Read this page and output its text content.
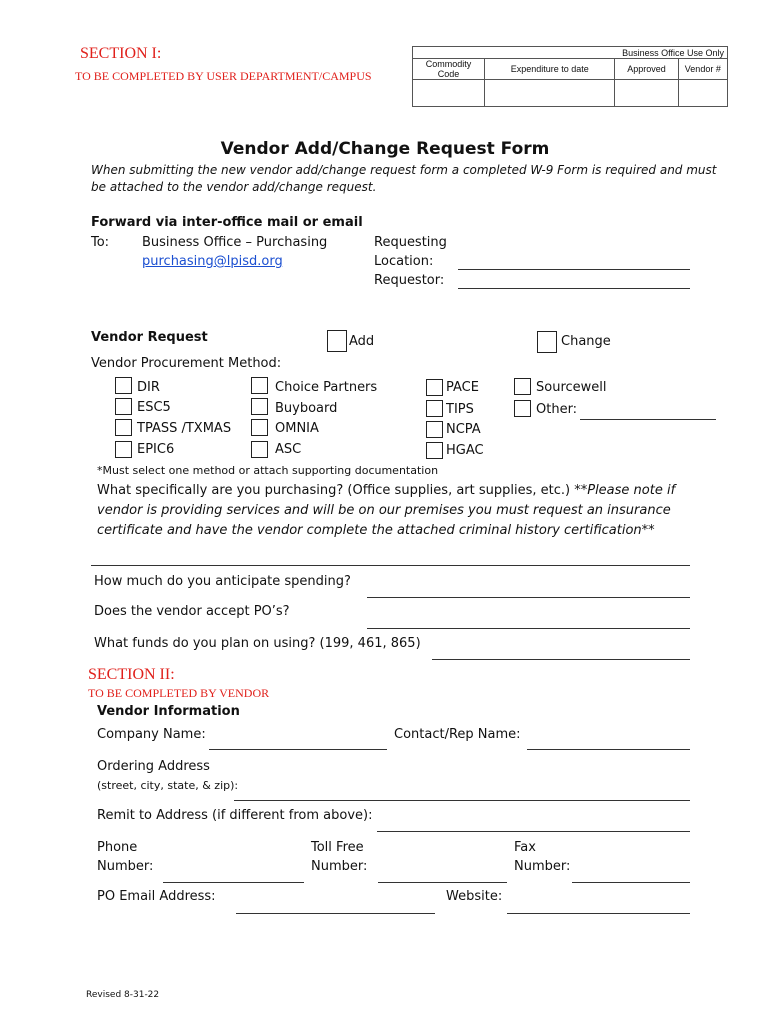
SECTION I:
TO BE COMPLETED BY USER DEPARTMENT/CAMPUS
Business Office Use Only			
Commodity Code	Expenditure to date	Approved	Vendor #

Vendor Add/Change Request Form
When submitting the new vendor add/change request form a completed W-9 Form is required and must
be attached to the vendor add/change request.
Forward via inter-office mail or email
To:	Business Office – Purchasing
purchasing@lpisd.org
Requesting
Location:
Requestor:
Vendor Request	Add	Change
Vendor Procurement Method:
DIR
ESC5
TPASS /TXMAS
EPIC6
Choice Partners
Buyboard
OMNIA
ASC
PACE
TIPS
NCPA
HGAC
Sourcewell
Other:
*Must select one method or attach supporting documentation
What specifically are you purchasing? (Office supplies, art supplies, etc.) **Please note if
vendor is providing services and will be on our premises you must request an insurance
certificate and have the vendor complete the attached criminal history certification**
How much do you anticipate spending?
Does the vendor accept PO’s?
What funds do you plan on using? (199, 461, 865)
SECTION II:
TO BE COMPLETED BY VENDOR
Vendor Information
Company Name:	Contact/Rep Name:
Ordering Address
(street, city, state, & zip):
Remit to Address (if different from above):
Phone
Number:
Toll Free
Number:
Fax
Number:
PO Email Address:	Website:
Revised 8-31-22
